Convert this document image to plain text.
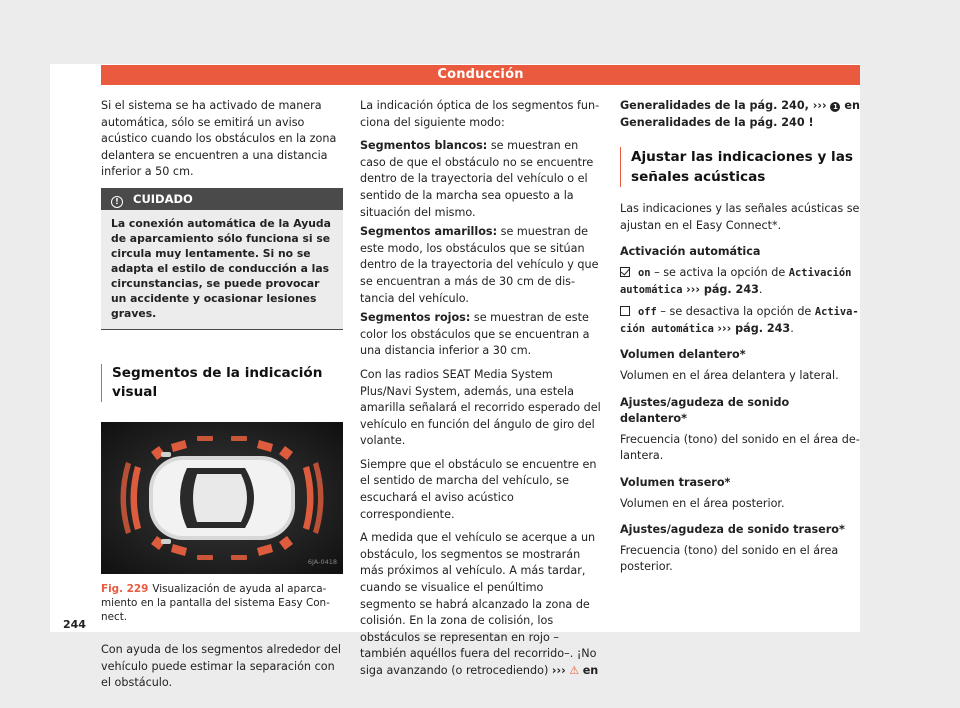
Conducción

Si el sistema se ha activado de manera automática, sólo se emitirá un aviso acústico cuando los obstáculos en la zona delantera se encuentren a una distancia inferior a 50 cm.

! CUIDADO
La conexión automática de la Ayuda de aparcamiento sólo funciona si se circula muy lentamente. Si no se adapta el estilo de conducción a las circunstancias, se puede provocar un accidente y ocasionar lesiones graves.
Segmentos de la indicación visual
6JA-0418
Fig. 229 Visualización de ayuda al aparcamiento en la pantalla del sistema Easy Connect.

Con ayuda de los segmentos alrededor del vehículo puede estimar la separación con el obstáculo.

La indicación óptica de los segmentos funciona del siguiente modo:

Segmentos blancos: se muestran en caso de que el obstáculo no se encuentre dentro de la trayectoria del vehículo o el sentido de la marcha sea opuesto a la situación del mismo.
Segmentos amarillos: se muestran de este modo, los obstáculos que se sitúan dentro de la trayectoria del vehículo y que se encuentran a más de 30 cm de distancia del vehículo.
Segmentos rojos: se muestran de este color los obstáculos que se encuentran a una distancia inferior a 30 cm.

Con las radios SEAT Media System Plus/Navi System, además, una estela amarilla señalará el recorrido esperado del vehículo en función del ángulo de giro del volante.

Siempre que el obstáculo se encuentre en el sentido de marcha del vehículo, se escuchará el aviso acústico correspondiente.

A medida que el vehículo se acerque a un obstáculo, los segmentos se mostrarán más próximos al vehículo. A más tardar, cuando se visualice el penúltimo segmento se habrá alcanzado la zona de colisión. En la zona de colisión, los obstáculos se representan en rojo –también aquéllos fuera del recorrido–. ¡No siga avanzando (o retrocediendo) ››› ⚠ en

Generalidades de la pág. 240, ››› 1 en Generalidades de la pág. 240 !

Ajustar las indicaciones y las señales acústicas

Las indicaciones y las señales acústicas se ajustan en el Easy Connect*.

Activación automática
on – se activa la opción de Activación automática ››› pág. 243.
off – se desactiva la opción de Activación automática ››› pág. 243.
Volumen delantero*

Volumen en el área delantera y lateral.

Ajustes/agudeza de sonido delantero*

Frecuencia (tono) del sonido en el área delantera.

Volumen trasero*

Volumen en el área posterior.

Ajustes/agudeza de sonido trasero*

Frecuencia (tono) del sonido en el área posterior.

244
